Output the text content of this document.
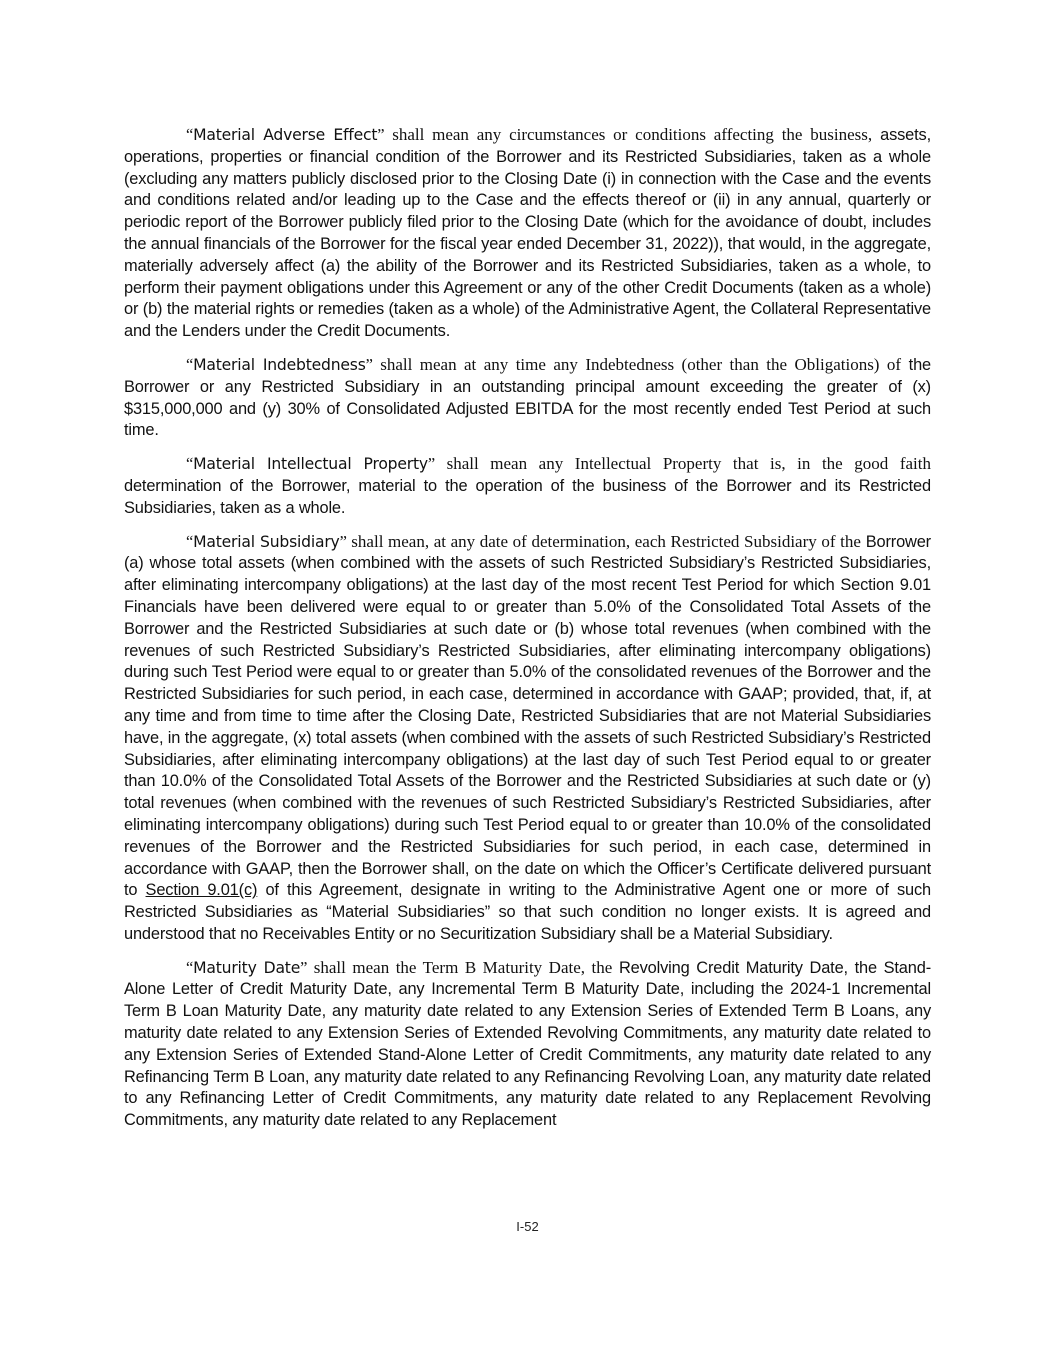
“Material Adverse Effect” shall mean any circumstances or conditions affecting the business, assets, operations, properties or financial condition of the Borrower and its Restricted Subsidiaries, taken as a whole (excluding any matters publicly disclosed prior to the Closing Date (i) in connection with the Case and the events and conditions related and/or leading up to the Case and the effects thereof or (ii) in any annual, quarterly or periodic report of the Borrower publicly filed prior to the Closing Date (which for the avoidance of doubt, includes the annual financials of the Borrower for the fiscal year ended December 31, 2022)), that would, in the aggregate, materially adversely affect (a) the ability of the Borrower and its Restricted Subsidiaries, taken as a whole, to perform their payment obligations under this Agreement or any of the other Credit Documents (taken as a whole) or (b) the material rights or remedies (taken as a whole) of the Administrative Agent, the Collateral Representative and the Lenders under the Credit Documents.

“Material Indebtedness” shall mean at any time any Indebtedness (other than the Obligations) of the Borrower or any Restricted Subsidiary in an outstanding principal amount exceeding the greater of (x) $315,000,000 and (y) 30% of Consolidated Adjusted EBITDA for the most recently ended Test Period at such time.

“Material Intellectual Property” shall mean any Intellectual Property that is, in the good faith determination of the Borrower, material to the operation of the business of the Borrower and its Restricted Subsidiaries, taken as a whole.

“Material Subsidiary” shall mean, at any date of determination, each Restricted Subsidiary of the Borrower (a) whose total assets (when combined with the assets of such Restricted Subsidiary’s Restricted Subsidiaries, after eliminating intercompany obligations) at the last day of the most recent Test Period for which Section 9.01 Financials have been delivered were equal to or greater than 5.0% of the Consolidated Total Assets of the Borrower and the Restricted Subsidiaries at such date or (b) whose total revenues (when combined with the revenues of such Restricted Subsidiary’s Restricted Subsidiaries, after eliminating intercompany obligations) during such Test Period were equal to or greater than 5.0% of the consolidated revenues of the Borrower and the Restricted Subsidiaries for such period, in each case, determined in accordance with GAAP; provided, that, if, at any time and from time to time after the Closing Date, Restricted Subsidiaries that are not Material Subsidiaries have, in the aggregate, (x) total assets (when combined with the assets of such Restricted Subsidiary’s Restricted Subsidiaries, after eliminating intercompany obligations) at the last day of such Test Period equal to or greater than 10.0% of the Consolidated Total Assets of the Borrower and the Restricted Subsidiaries at such date or (y) total revenues (when combined with the revenues of such Restricted Subsidiary’s Restricted Subsidiaries, after eliminating intercompany obligations) during such Test Period equal to or greater than 10.0% of the consolidated revenues of the Borrower and the Restricted Subsidiaries for such period, in each case, determined in accordance with GAAP, then the Borrower shall, on the date on which the Officer’s Certificate delivered pursuant to Section 9.01(c) of this Agreement, designate in writing to the Administrative Agent one or more of such Restricted Subsidiaries as “Material Subsidiaries” so that such condition no longer exists. It is agreed and understood that no Receivables Entity or no Securitization Subsidiary shall be a Material Subsidiary.

“Maturity Date” shall mean the Term B Maturity Date, the Revolving Credit Maturity Date, the Stand-Alone Letter of Credit Maturity Date, any Incremental Term B Maturity Date, including the 2024-1 Incremental Term B Loan Maturity Date, any maturity date related to any Extension Series of Extended Term B Loans, any maturity date related to any Extension Series of Extended Revolving Commitments, any maturity date related to any Extension Series of Extended Stand-Alone Letter of Credit Commitments, any maturity date related to any Refinancing Term B Loan, any maturity date related to any Refinancing Revolving Loan, any maturity date related to any Refinancing Letter of Credit Commitments, any maturity date related to any Replacement Revolving Commitments, any maturity date related to any Replacement

I-52
